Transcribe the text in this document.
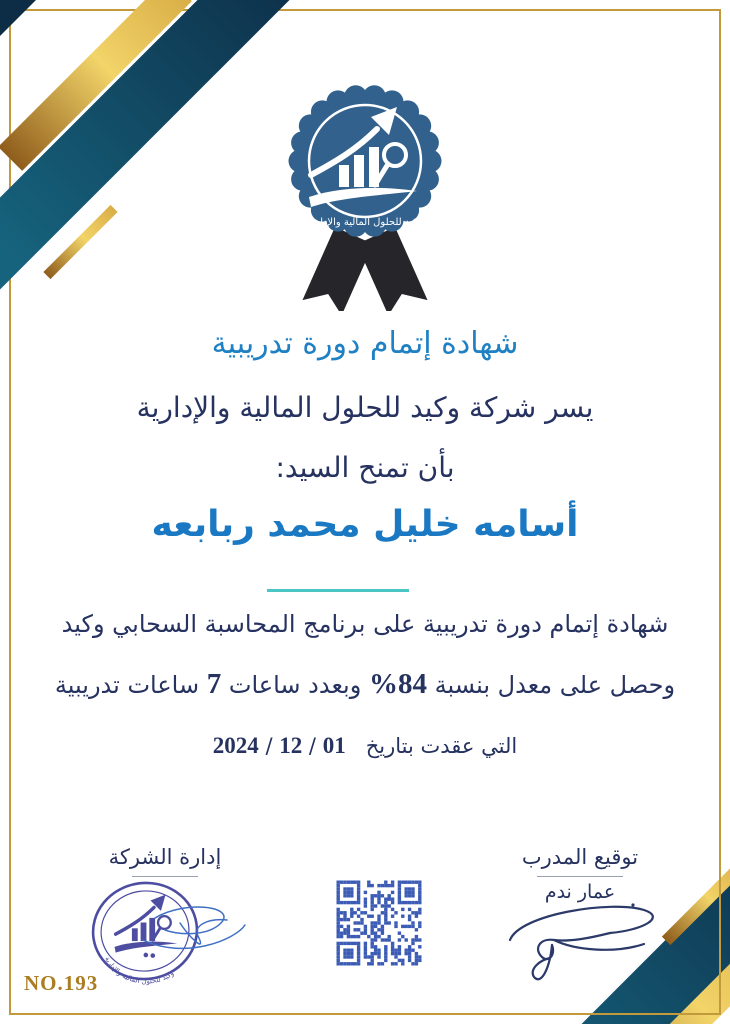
وكيد للحلول المالية والإدارية
شهادة إتمام دورة تدريبية
يسر شركة وكيد للحلول المالية والإدارية
بأن تمنح السيد:
أسامه خليل محمد ربابعه
شهادة إتمام دورة تدريبية على برنامج المحاسبة السحابي وكيد
وحصل على معدل بنسبة %84 وبعدد ساعات 7 ساعات تدريبية
التي عقدت بتاريخ   01 / 12 / 2024
إدارة الشركة
وكيد للحلول المالية والإدارية
توقيع المدرب
عمار ندم
NO.193
